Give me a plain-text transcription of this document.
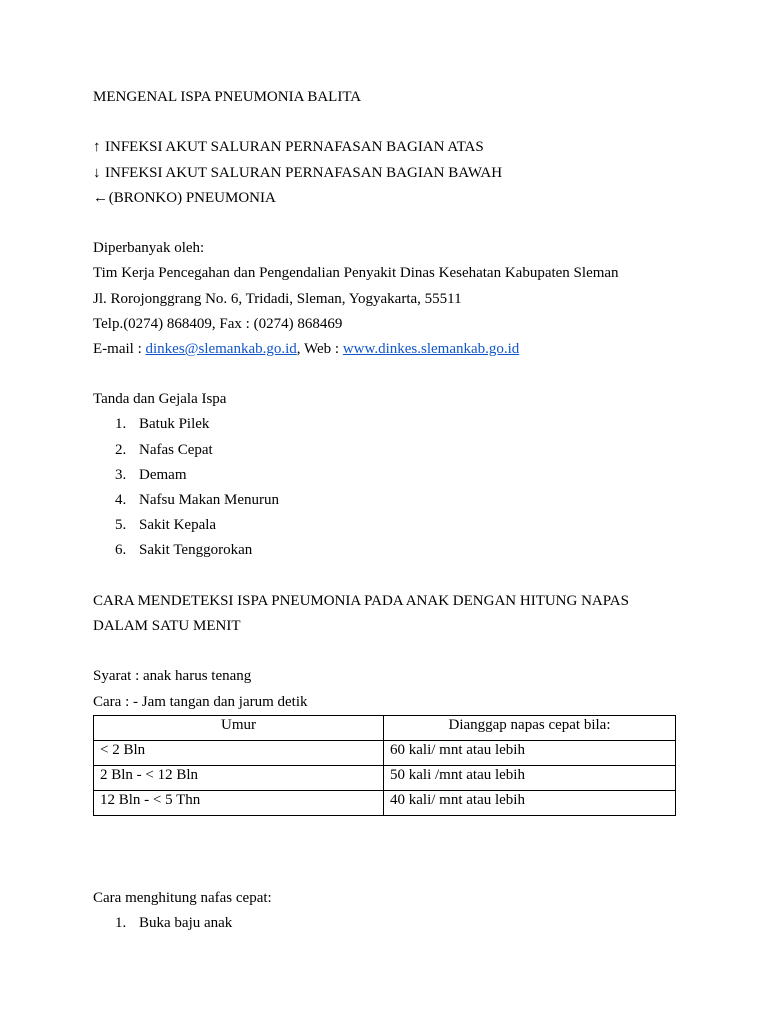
MENGENAL ISPA PNEUMONIA BALITA
↑ INFEKSI AKUT SALURAN PERNAFASAN BAGIAN ATAS
↓ INFEKSI AKUT SALURAN PERNAFASAN BAGIAN BAWAH
← (BRONKO) PNEUMONIA
Diperbanyak oleh:
Tim Kerja Pencegahan dan Pengendalian Penyakit Dinas Kesehatan Kabupaten Sleman
Jl. Rorojonggrang No. 6, Tridadi, Sleman, Yogyakarta, 55511
Telp.(0274) 868409, Fax : (0274) 868469
E-mail : dinkes@slemankab.go.id, Web : www.dinkes.slemankab.go.id
Tanda dan Gejala Ispa
1. Batuk Pilek
2. Nafas Cepat
3. Demam
4. Nafsu Makan Menurun
5. Sakit Kepala
6. Sakit Tenggorokan
CARA MENDETEKSI ISPA PNEUMONIA PADA ANAK DENGAN HITUNG NAPAS
DALAM SATU MENIT
Syarat : anak harus tenang
Cara : - Jam tangan dan jarum detik
Umur	Dianggap napas cepat bila:
< 2 Bln	60 kali/ mnt atau lebih
2 Bln - < 12 Bln	50 kali /mnt atau lebih
12 Bln - < 5 Thn	40 kali/ mnt atau lebih
Cara menghitung nafas cepat:
1. Buka baju anak
